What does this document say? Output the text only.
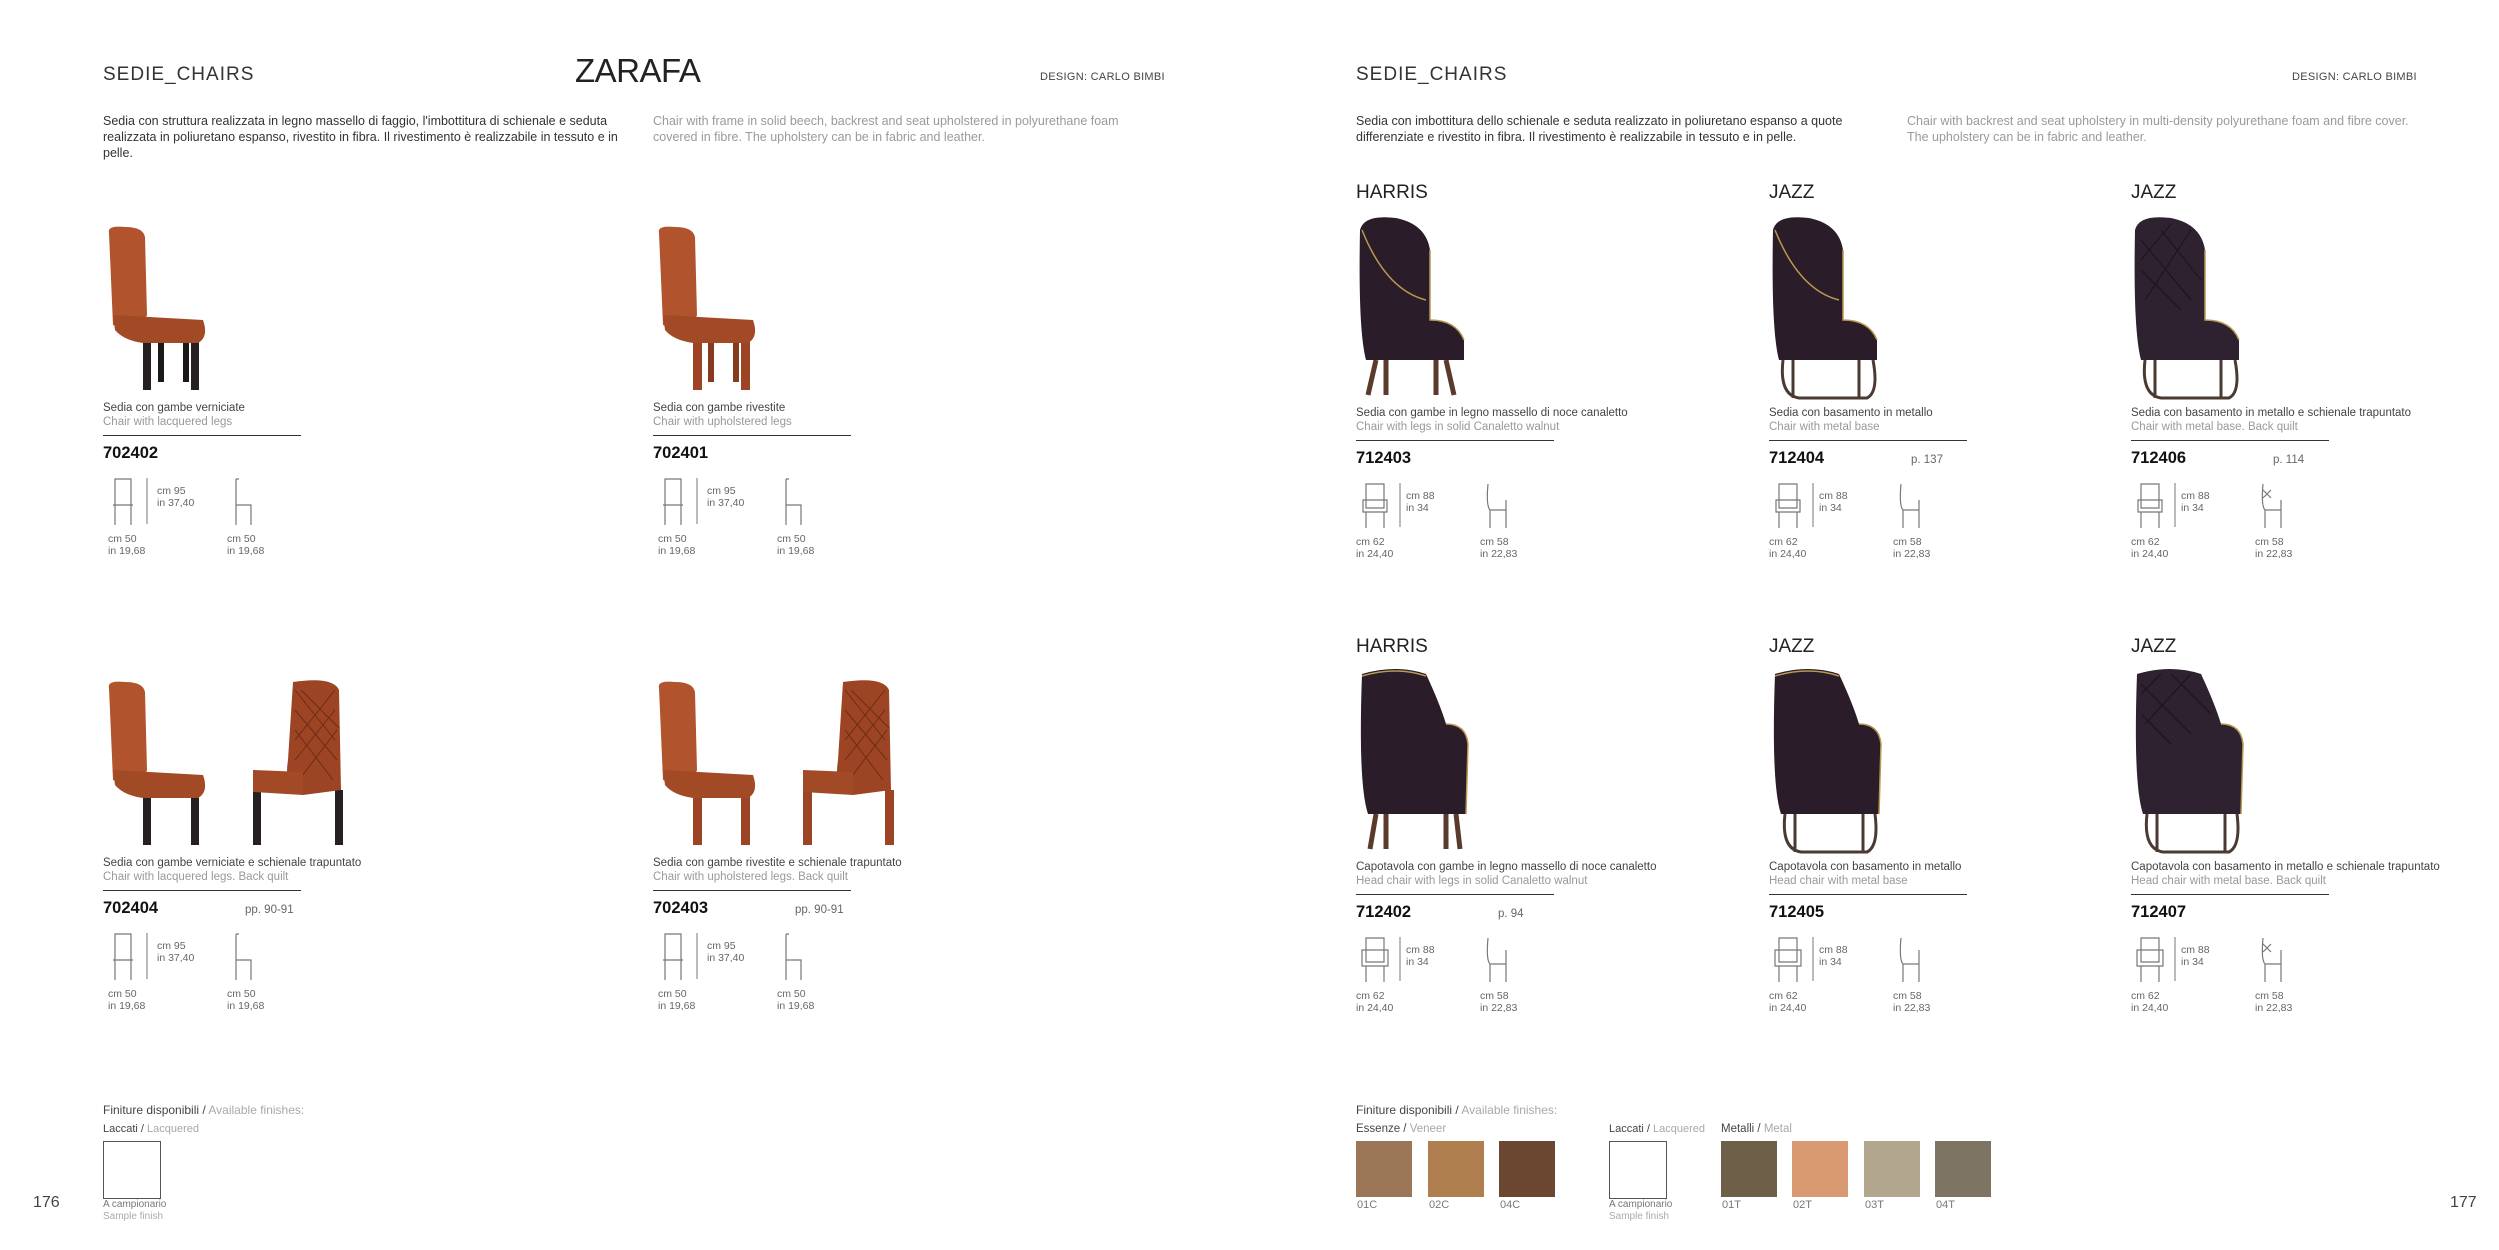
SEDIE_CHAIRS	ZARAFA	DESIGN: CARLO BIMBI
Sedia con struttura realizzata in legno massello di faggio, l'imbottitura di schienale e seduta realizzata in poliuretano espanso, rivestito in fibra. Il rivestimento è realizzabile in tessuto e in pelle.
Chair with frame in solid beech, backrest and seat upholstered in polyurethane foam covered in fibre. The upholstery can be in fabric and leather.
Sedia con gambe verniciate
Chair with lacquered legs
702402
cm 95
in 37,40
cm 50
in 19,68
cm 50
in 19,68
Sedia con gambe rivestite
Chair with upholstered legs
702401
cm 95
in 37,40
cm 50
in 19,68
cm 50
in 19,68
Sedia con gambe verniciate e schienale trapuntato
Chair with lacquered legs. Back quilt
702404	pp. 90-91
cm 95
in 37,40
cm 50
in 19,68
cm 50
in 19,68
Sedia con gambe rivestite e schienale trapuntato
Chair with upholstered legs. Back quilt
702403	pp. 90-91
cm 95
in 37,40
cm 50
in 19,68
cm 50
in 19,68
Finiture disponibili / Available finishes:
Laccati / Lacquered
A campionario
Sample finish
176
SEDIE_CHAIRS	DESIGN: CARLO BIMBI
Sedia con imbottitura dello schienale e seduta realizzato in poliuretano espanso a quote differenziate e rivestito in fibra. Il rivestimento è realizzabile in tessuto e in pelle.
Chair with backrest and seat upholstery in multi-density polyurethane foam and fibre cover. The upholstery can be in fabric and leather.
HARRIS
Sedia con gambe in legno massello di noce canaletto
Chair with legs in solid Canaletto walnut
712403
cm 88
in 34
cm 62
in 24,40
cm 58
in 22,83
JAZZ
Sedia con basamento in metallo
Chair with metal base
712404	p. 137
cm 88
in 34
cm 62
in 24,40
cm 58
in 22,83
JAZZ
Sedia con basamento in metallo e schienale trapuntato
Chair with metal base. Back quilt
712406	p. 114
cm 88
in 34
cm 62
in 24,40
cm 58
in 22,83
HARRIS
Capotavola con gambe in legno massello di noce canaletto
Head chair with legs in solid Canaletto walnut
712402	p. 94
cm 88
in 34
cm 62
in 24,40
cm 58
in 22,83
JAZZ
Capotavola con basamento in metallo
Head chair with metal base
712405
cm 88
in 34
cm 62
in 24,40
cm 58
in 22,83
JAZZ
Capotavola con basamento in metallo e schienale trapuntato
Head chair with metal base. Back quilt
712407
cm 88
in 34
cm 62
in 24,40
cm 58
in 22,83
Finiture disponibili / Available finishes:
Essenze / Veneer	Laccati / Lacquered Metalli / Metal
01C	02C	04C	A campionario
Sample finish
01T	02T	03T	04T	177
